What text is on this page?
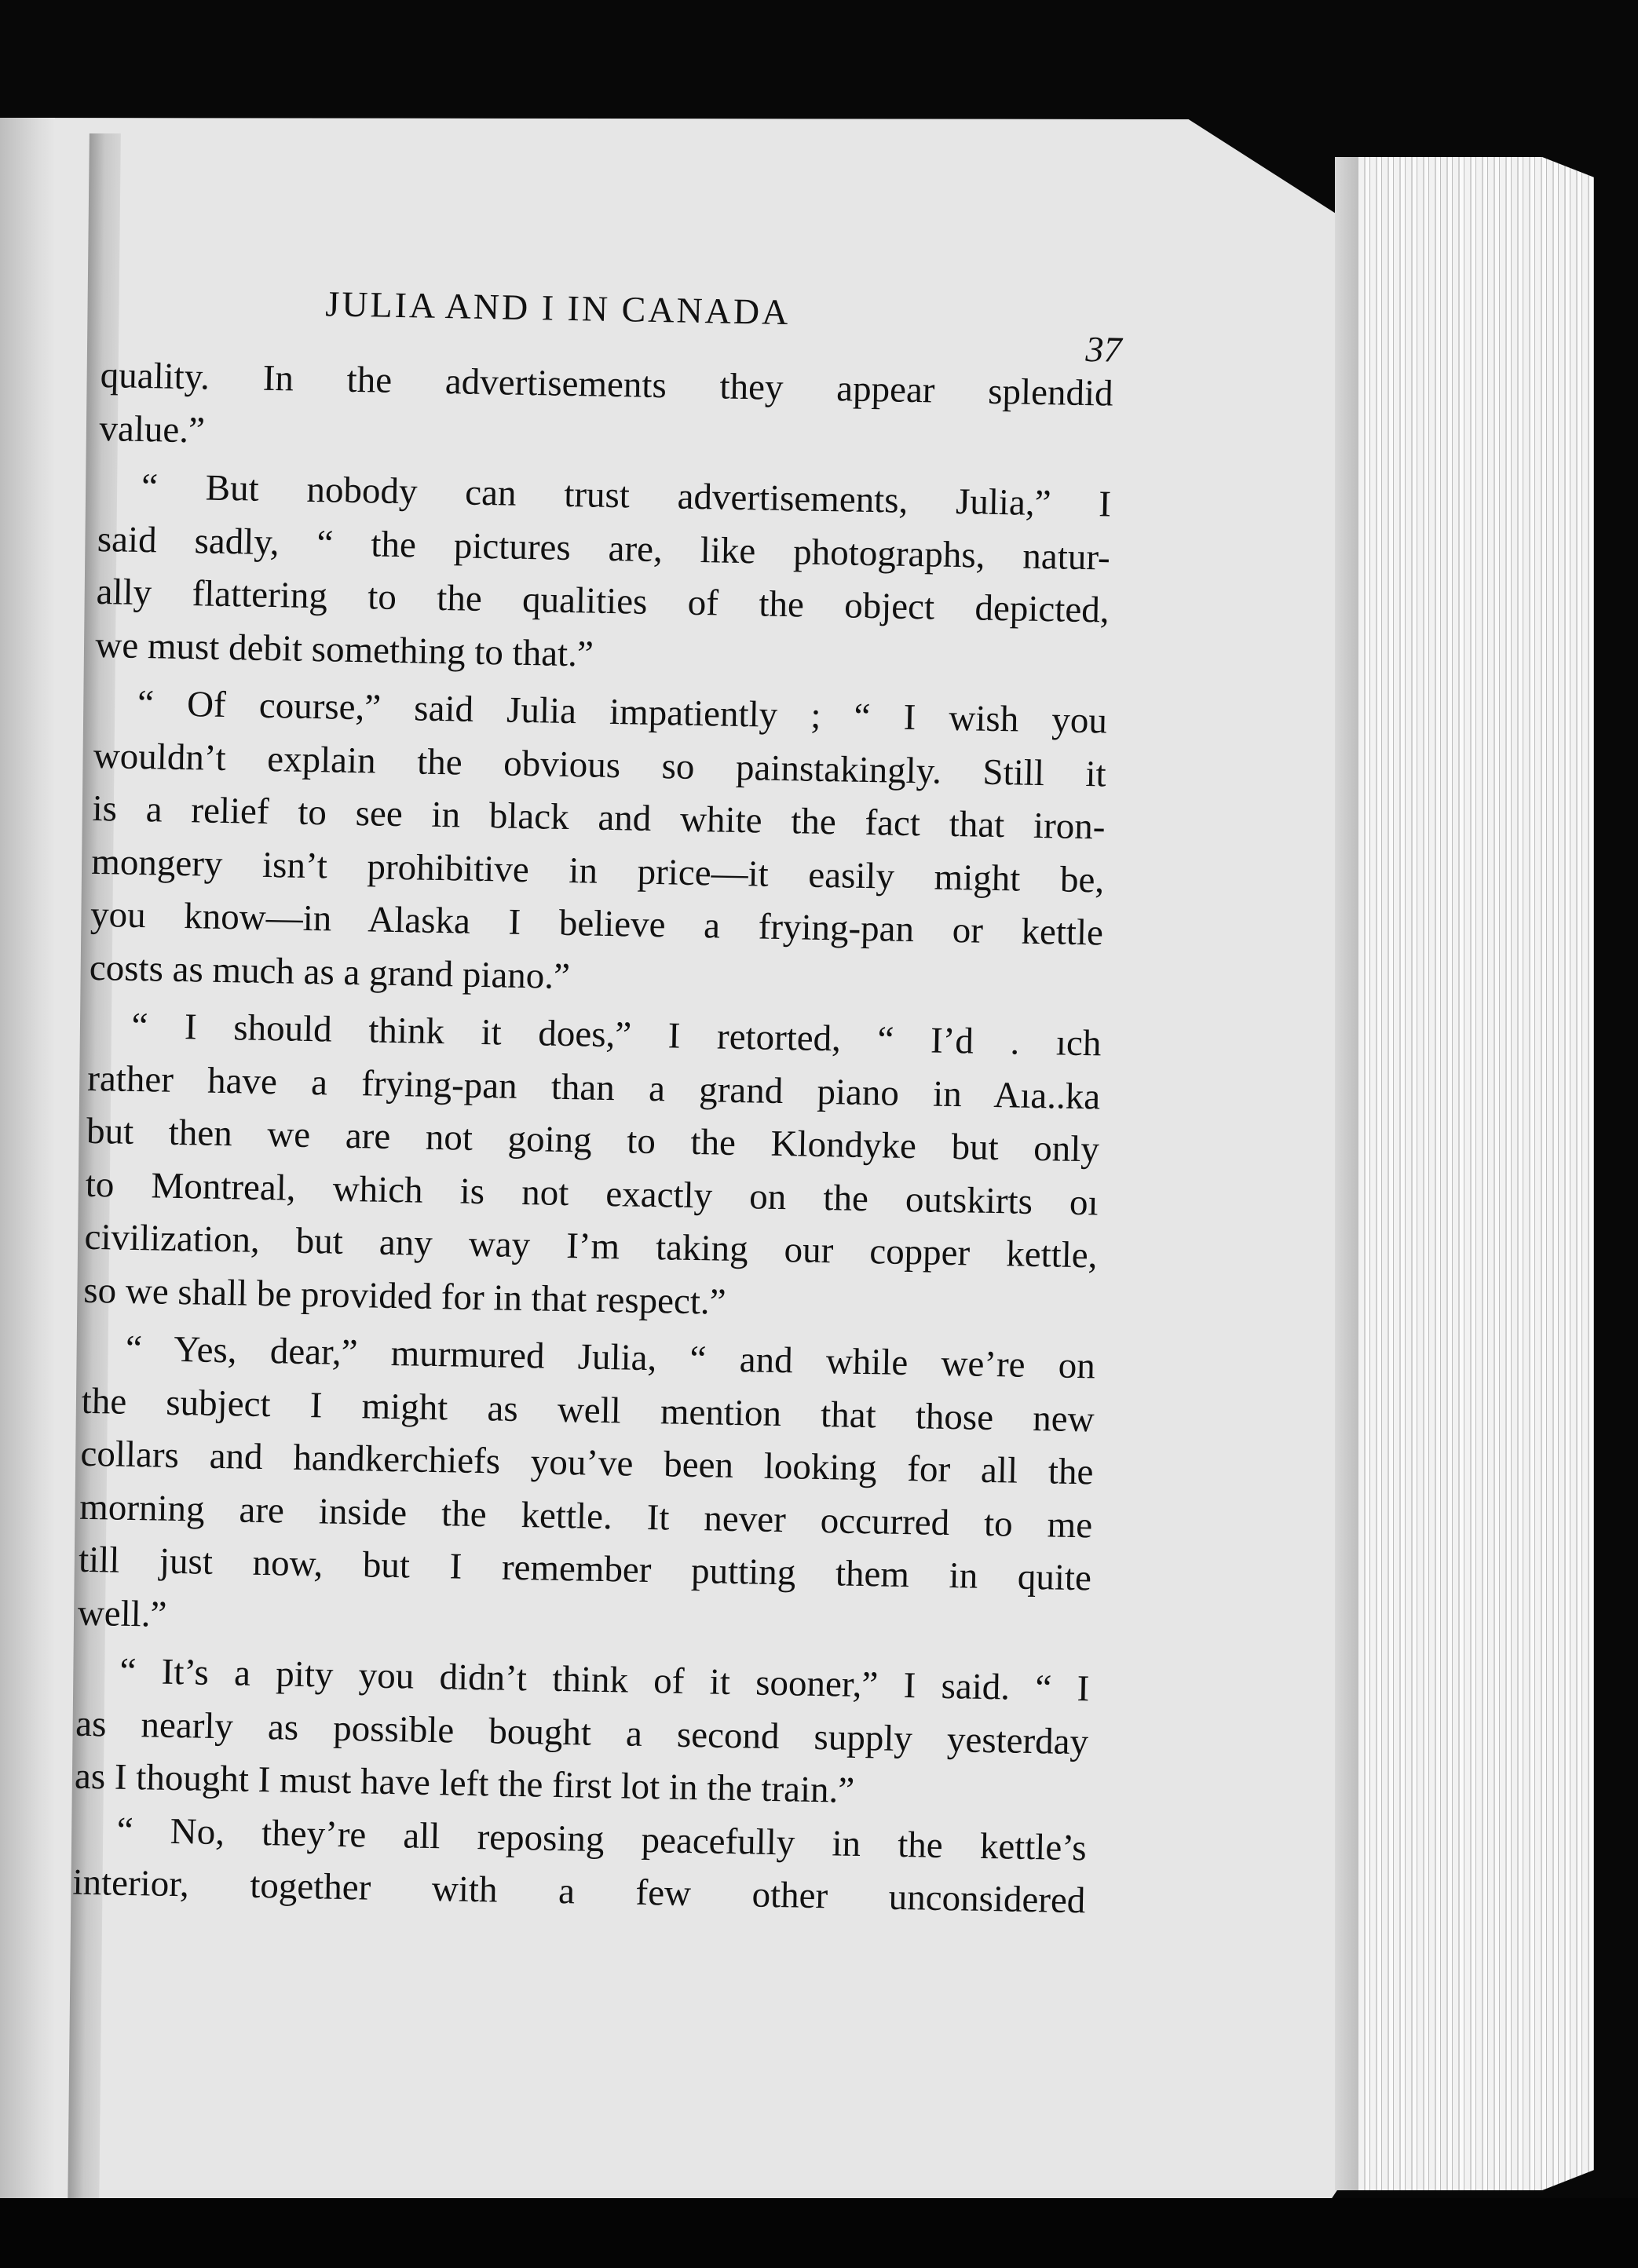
JULIA AND I IN CANADA
37
quality. In the advertisements they appear splendid
value.”
“ But nobody can trust advertisements, Julia,” I
said sadly, “ the pictures are, like photographs, natur-
ally flattering to the qualities of the object depicted,
we must debit something to that.”
“ Of course,” said Julia impatiently ; “ I wish you
wouldn’t explain the obvious so painstakingly. Still it
is a relief to see in black and white the fact that iron-
mongery isn’t prohibitive in price—it easily might be,
you know—in Alaska I believe a frying-pan or kettle
costs as much as a grand piano.”
“ I should think it does,” I retorted, “ I’d . ıch
rather have a frying-pan than a grand piano in Aıa..ka
but then we are not going to the Klondyke but only
to Montreal, which is not exactly on the outskirts oı
civilization, but any way I’m taking our copper kettle,
so we shall be provided for in that respect.”
“ Yes, dear,” murmured Julia, “ and while we’re on
the subject I might as well mention that those new
collars and handkerchiefs you’ve been looking for all the
morning are inside the kettle. It never occurred to me
till just now, but I remember putting them in quite
well.”
“ It’s a pity you didn’t think of it sooner,” I said. “ I
as nearly as possible bought a second supply yesterday
as I thought I must have left the first lot in the train.”
“ No, they’re all reposing peacefully in the kettle’s
interior, together with a few other unconsidered
